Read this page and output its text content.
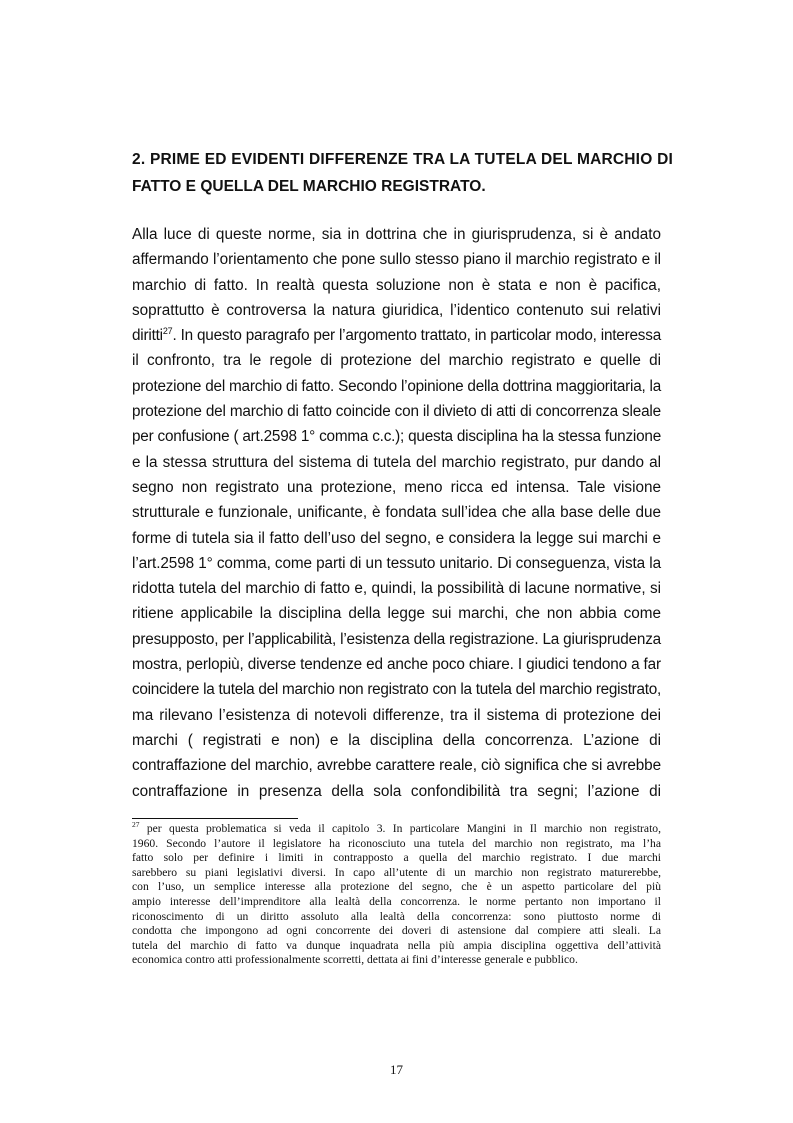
2. PRIME ED EVIDENTI DIFFERENZE TRA LA TUTELA DEL MARCHIO DI
FATTO E QUELLA DEL MARCHIO REGISTRATO.
Alla luce di queste norme, sia in dottrina che in giurisprudenza, si è andato
affermando l’orientamento che pone sullo stesso piano il marchio registrato e il
marchio di fatto. In realtà questa soluzione non è stata e non è pacifica,
soprattutto è controversa la natura giuridica, l’identico contenuto sui relativi
diritti$^{27}$. In questo paragrafo per l’argomento trattato, in particolar modo, interessa
il confronto, tra le regole di protezione del marchio registrato e quelle di
protezione del marchio di fatto. Secondo l’opinione della dottrina maggioritaria, la
protezione del marchio di fatto coincide con il divieto di atti di concorrenza sleale
per confusione ( art.2598 1° comma c.c.); questa disciplina ha la stessa funzione
e la stessa struttura del sistema di tutela del marchio registrato, pur dando al
segno non registrato una protezione, meno ricca ed intensa. Tale visione
strutturale e funzionale, unificante, è fondata sull’idea che alla base delle due
forme di tutela sia il fatto dell’uso del segno, e considera la legge sui marchi e
l’art.2598 1° comma, come parti di un tessuto unitario. Di conseguenza, vista la
ridotta tutela del marchio di fatto e, quindi, la possibilità di lacune normative, si
ritiene applicabile la disciplina della legge sui marchi, che non abbia come
presupposto, per l’applicabilità, l’esistenza della registrazione. La giurisprudenza
mostra, perlopiù, diverse tendenze ed anche poco chiare. I giudici tendono a far
coincidere la tutela del marchio non registrato con la tutela del marchio registrato,
ma rilevano l’esistenza di notevoli differenze, tra il sistema di protezione dei
marchi ( registrati e non) e la disciplina della concorrenza. L’azione di
contraffazione del marchio, avrebbe carattere reale, ciò significa che si avrebbe
contraffazione in presenza della sola confondibilità tra segni; l’azione di
$^{27}$ per questa problematica si veda il capitolo 3. In particolare Mangini in Il marchio non registrato,
1960. Secondo l’autore il legislatore ha riconosciuto una tutela del marchio non registrato, ma l’ha
fatto solo per definire i limiti in contrapposto a quella del marchio registrato. I due marchi
sarebbero su piani legislativi diversi. In capo all’utente di un marchio non registrato maturerebbe,
con l’uso, un semplice interesse alla protezione del segno, che è un aspetto particolare del più
ampio interesse dell’imprenditore alla lealtà della concorrenza. le norme pertanto non importano il
riconoscimento di un diritto assoluto alla lealtà della concorrenza: sono piuttosto norme di
condotta che impongono ad ogni concorrente dei doveri di astensione dal compiere atti sleali. La
tutela del marchio di fatto va dunque inquadrata nella più ampia disciplina oggettiva dell’attività
economica contro atti professionalmente scorretti, dettata ai fini d’interesse generale e pubblico.
17
